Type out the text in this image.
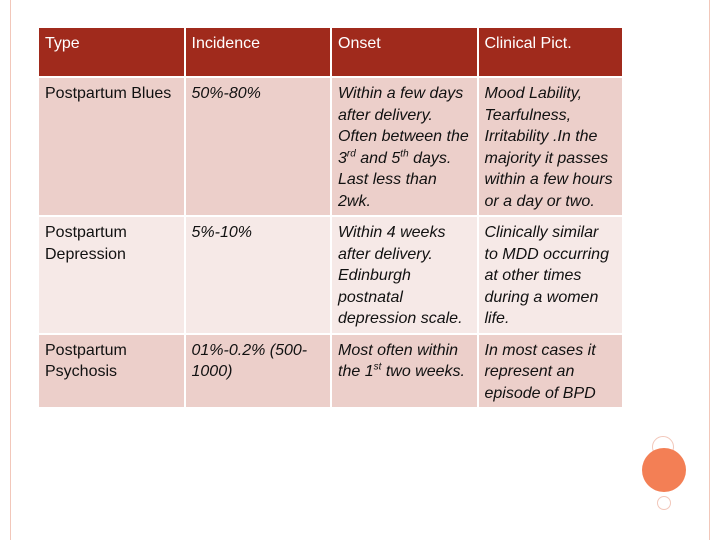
Type	Incidence	Onset	Clinical Pict.
Postpartum Blues	50%-80%	Within a few days after delivery. Often between the 3rd and 5th days. Last less than 2wk.	Mood Lability, Tearfulness, Irritability .In the majority it passes within a few hours or a day or two.
Postpartum Depression	5%-10%	Within 4 weeks after delivery. Edinburgh postnatal depression scale.	Clinically similar to MDD occurring at other times during a women life.
Postpartum Psychosis	01%-0.2% (500-1000)	Most often within the 1st two weeks.	In most cases it represent an episode of BPD
